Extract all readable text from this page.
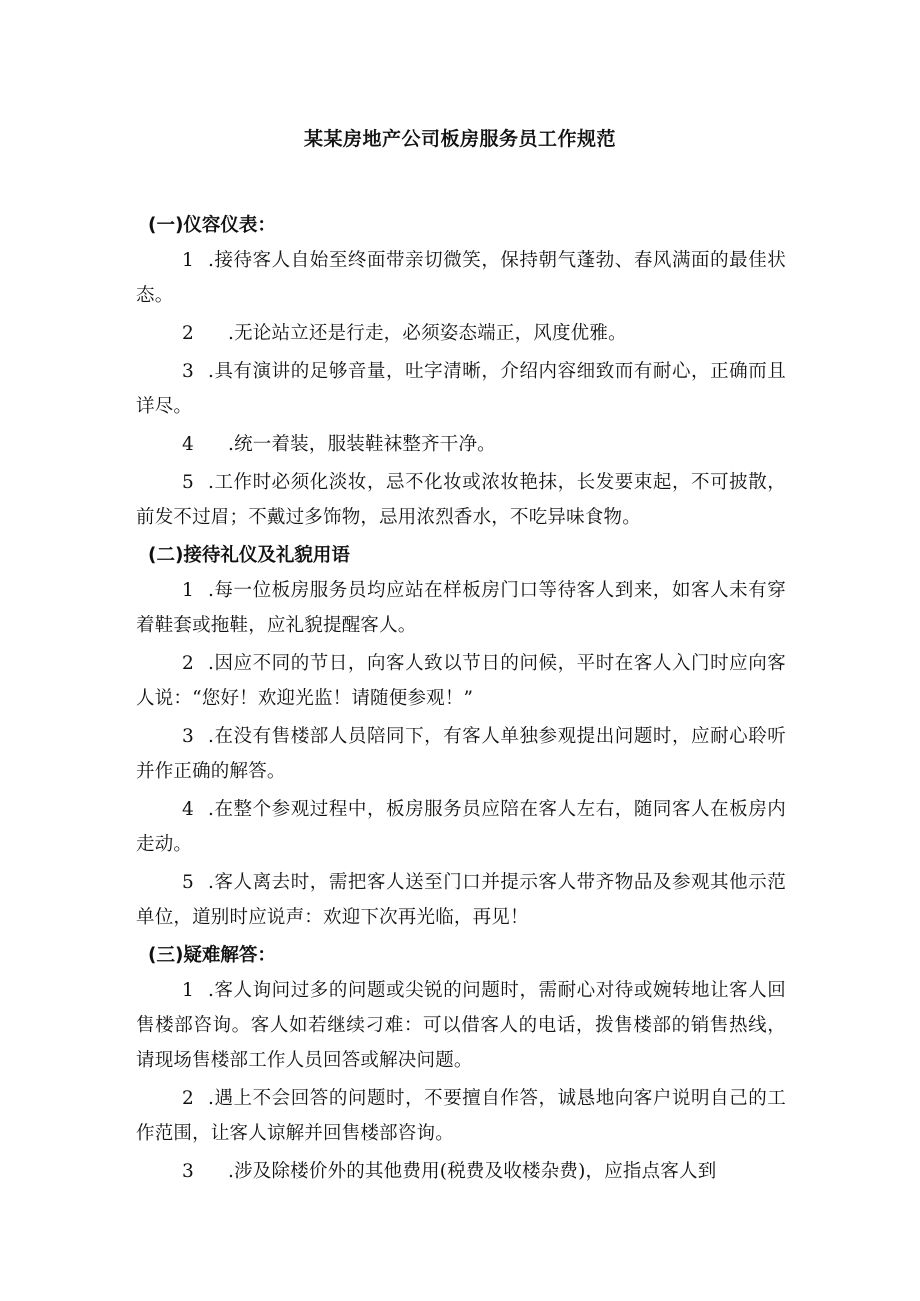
某某房地产公司板房服务员工作规范

(一)仪容仪表：

1 .接待客人自始至终面带亲切微笑，保持朝气蓬勃、春风满面的最佳状态。

2 .无论站立还是行走，必须姿态端正，风度优雅。

3 .具有演讲的足够音量，吐字清晰，介绍内容细致而有耐心，正确而且详尽。

4 .统一着装，服装鞋袜整齐干净。

5 .工作时必须化淡妆，忌不化妆或浓妆艳抹，长发要束起，不可披散，前发不过眉；不戴过多饰物，忌用浓烈香水，不吃异味食物。

(二)接待礼仪及礼貌用语

1 .每一位板房服务员均应站在样板房门口等待客人到来，如客人未有穿着鞋套或拖鞋，应礼貌提醒客人。

2 .因应不同的节日，向客人致以节日的问候，平时在客人入门时应向客人说：“您好！欢迎光监！请随便参观！”

3 .在没有售楼部人员陪同下，有客人单独参观提出问题时，应耐心聆听并作正确的解答。

4 .在整个参观过程中，板房服务员应陪在客人左右，随同客人在板房内走动。

5 .客人离去时，需把客人送至门口并提示客人带齐物品及参观其他示范单位，道别时应说声：欢迎下次再光临，再见！

(三)疑难解答：

1 .客人询问过多的问题或尖锐的问题时，需耐心对待或婉转地让客人回售楼部咨询。客人如若继续刁难：可以借客人的电话，拨售楼部的销售热线，请现场售楼部工作人员回答或解决问题。

2 .遇上不会回答的问题时，不要擅自作答，诚恳地向客户说明自己的工作范围，让客人谅解并回售楼部咨询。

3 .涉及除楼价外的其他费用(税费及收楼杂费)，应指点客人到
